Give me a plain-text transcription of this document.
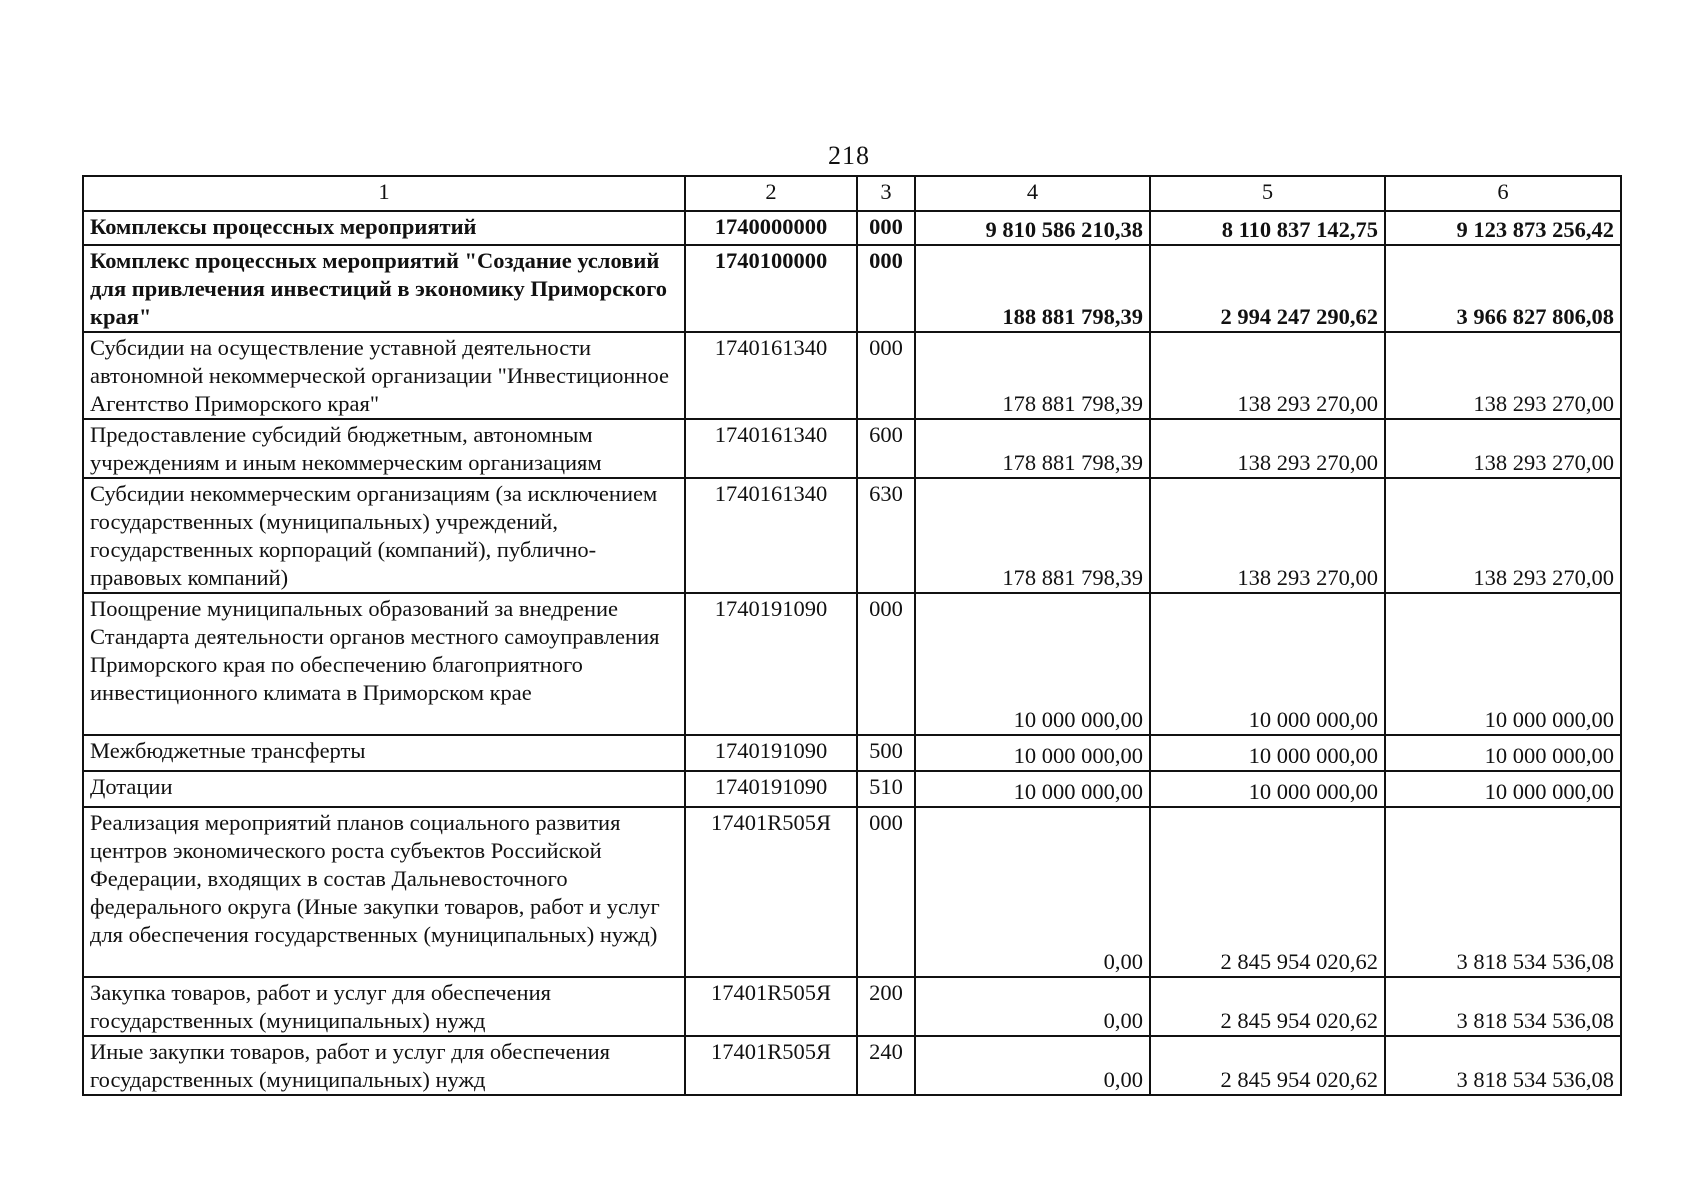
218
1	2	3	4	5	6
Комплексы процессных мероприятий	1740000000	000	9 810 586 210,38	8 110 837 142,75	9 123 873 256,42
Комплекс процессных мероприятий "Создание условий для привлечения инвестиций в экономику Приморского края"	1740100000	000	188 881 798,39	2 994 247 290,62	3 966 827 806,08
Субсидии на осуществление уставной деятельности автономной некоммерческой организации "Инвестиционное Агентство Приморского края"	1740161340	000	178 881 798,39	138 293 270,00	138 293 270,00
Предоставление субсидий бюджетным, автономным учреждениям и иным некоммерческим организациям	1740161340	600	178 881 798,39	138 293 270,00	138 293 270,00
Субсидии некоммерческим организациям (за исключением государственных (муниципальных) учреждений, государственных корпораций (компаний), публично-правовых компаний)	1740161340	630	178 881 798,39	138 293 270,00	138 293 270,00
Поощрение муниципальных образований за внедрение Стандарта деятельности органов местного самоуправления Приморского края по обеспечению благоприятного инвестиционного климата в Приморском крае	1740191090	000	10 000 000,00	10 000 000,00	10 000 000,00
Межбюджетные трансферты	1740191090	500	10 000 000,00	10 000 000,00	10 000 000,00
Дотации	1740191090	510	10 000 000,00	10 000 000,00	10 000 000,00
Реализация мероприятий планов социального развития центров экономического роста субъектов Российской Федерации, входящих в состав Дальневосточного федерального округа (Иные закупки товаров, работ и услуг для обеспечения государственных (муниципальных) нужд)	17401R505Я	000	0,00	2 845 954 020,62	3 818 534 536,08
Закупка товаров, работ и услуг для обеспечения государственных (муниципальных) нужд	17401R505Я	200	0,00	2 845 954 020,62	3 818 534 536,08
Иные закупки товаров, работ и услуг для обеспечения государственных (муниципальных) нужд	17401R505Я	240	0,00	2 845 954 020,62	3 818 534 536,08
